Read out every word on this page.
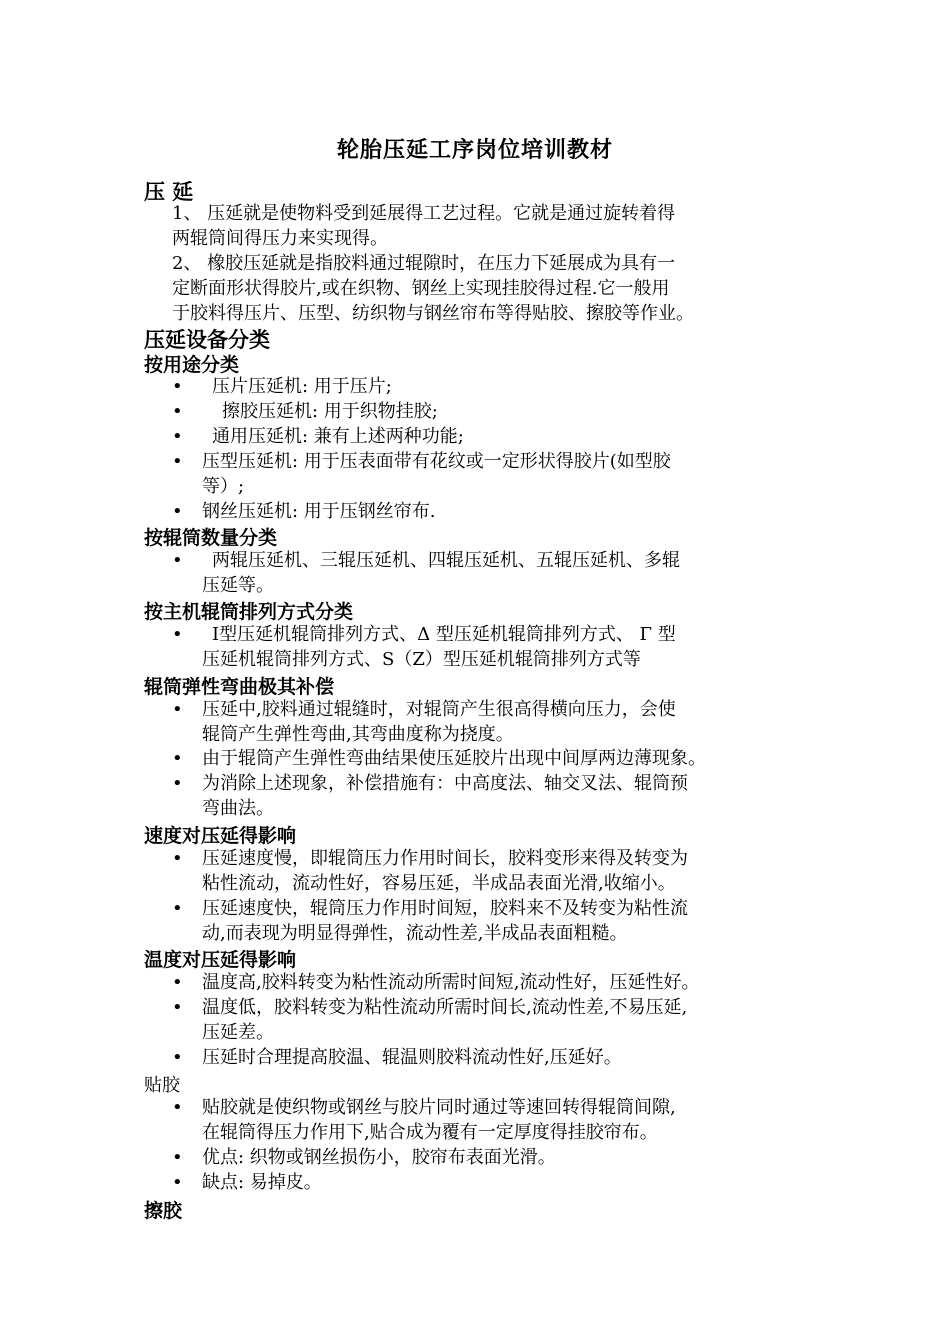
轮胎压延工序岗位培训教材
压 延
1、 压延就是使物料受到延展得工艺过程。它就是通过旋转着得
两辊筒间得压力来实现得。
2、 橡胶压延就是指胶料通过辊隙时，在压力下延展成为具有一
定断面形状得胶片,或在织物、钢丝上实现挂胶得过程.它一般用
于胶料得压片、压型、纺织物与钢丝帘布等得贴胶、擦胶等作业。
压延设备分类
按用途分类
•	压片压延机: 用于压片;
•	擦胶压延机: 用于织物挂胶;
•	通用压延机: 兼有上述两种功能;
•	压型压延机: 用于压表面带有花纹或一定形状得胶片(如型胶
等）;
•	钢丝压延机: 用于压钢丝帘布.
按辊筒数量分类
•	两辊压延机、三辊压延机、四辊压延机、五辊压延机、多辊
压延等。
按主机辊筒排列方式分类
•	Ⅰ型压延机辊筒排列方式、Δ 型压延机辊筒排列方式、 Γ 型
压延机辊筒排列方式、S（Z）型压延机辊筒排列方式等
辊筒弹性弯曲极其补偿
•	压延中,胶料通过辊缝时，对辊筒产生很高得横向压力，会使
辊筒产生弹性弯曲,其弯曲度称为挠度。
•	由于辊筒产生弹性弯曲结果使压延胶片出现中间厚两边薄现象。
•	为消除上述现象，补偿措施有：中高度法、轴交叉法、辊筒预
弯曲法。
速度对压延得影响
•	压延速度慢，即辊筒压力作用时间长，胶料变形来得及转变为
粘性流动，流动性好，容易压延，半成品表面光滑,收缩小。
•	压延速度快，辊筒压力作用时间短，胶料来不及转变为粘性流
动,而表现为明显得弹性，流动性差,半成品表面粗糙。
温度对压延得影响
•	温度高,胶料转变为粘性流动所需时间短,流动性好，压延性好。
•	温度低，胶料转变为粘性流动所需时间长,流动性差,不易压延,
压延差。
•	压延时合理提高胶温、辊温则胶料流动性好,压延好。
贴胶
•	贴胶就是使织物或钢丝与胶片同时通过等速回转得辊筒间隙,
在辊筒得压力作用下,贴合成为覆有一定厚度得挂胶帘布。
•	优点: 织物或钢丝损伤小，胶帘布表面光滑。
•	缺点: 易掉皮。
擦胶
